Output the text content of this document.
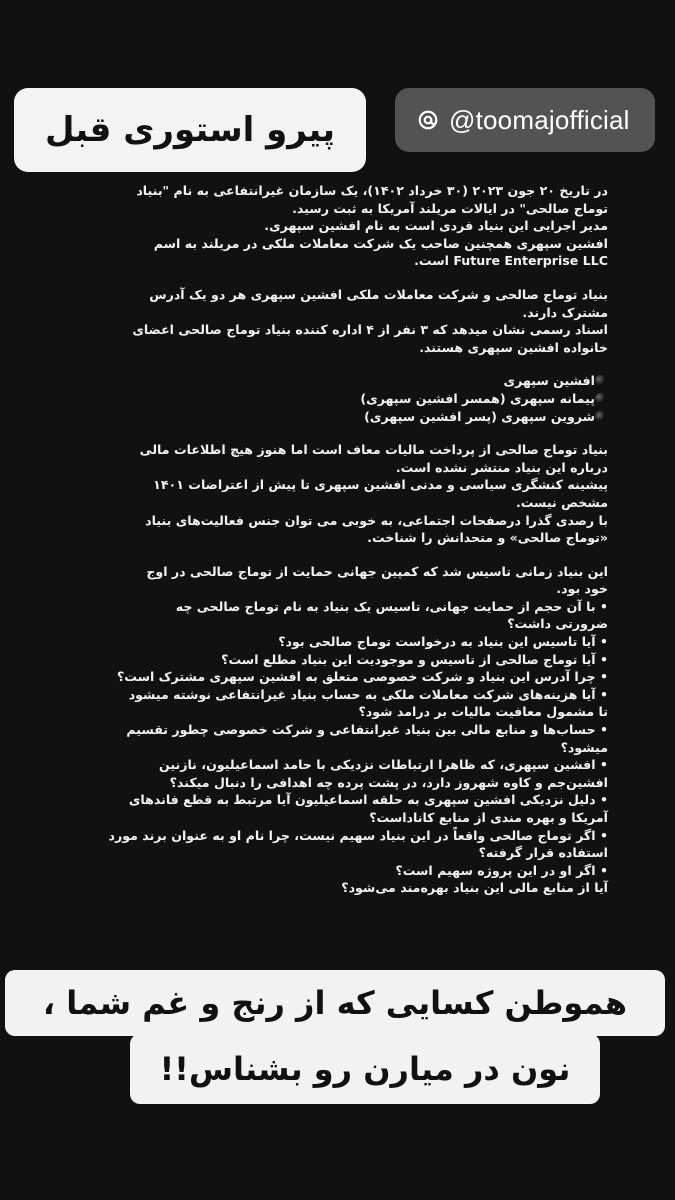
پیرو استوری قبل	@toomajofficial
در تاریخ ۲۰ جون ۲۰۲۳ (۳۰ خرداد ۱۴۰۲)، یک سازمان غیرانتفاعی به نام "بنیاد
توماج صالحی" در ایالات مریلند آمریکا به ثبت رسید.
مدیر اجرایی این بنیاد فردی است به نام افشین سپهری.
افشین سپهری همچنین صاحب یک شرکت معاملات ملکی در مریلند به اسم
Future Enterprise LLC است.
بنیاد توماج صالحی و شرکت معاملات ملکی افشین سپهری هر دو یک آدرس
مشترک دارند.
اسناد رسمی نشان میدهد که ۳ نفر از ۴ اداره کننده بنیاد توماج صالحی اعضای
خانواده افشین سپهری هستند.
افشین سپهری
پیمانه سپهری (همسر افشین سپهری)
شروین سپهری (پسر افشین سپهری)
بنیاد توماج صالحی از پرداخت مالیات معاف است اما هنوز هیچ اطلاعات مالی
درباره این بنیاد منتشر نشده است.
پیشینه کنشگری سیاسی و مدنی افشین سپهری تا پیش از اعتراضات ۱۴۰۱
مشخص نیست.
با رصدی گذرا درصفحات اجتماعی، به خوبی می توان جنس فعالیت‌های بنیاد
«توماج صالحی» و متحدانش را شناخت.
این بنیاد زمانی تاسیس شد که کمپین جهانی حمایت از توماج صالحی در اوج
خود بود.
• با آن حجم از حمایت جهانی، تاسیس یک بنیاد به نام توماج صالحی چه
ضرورتی داشت؟
• آیا تاسیس این بنیاد به درخواست توماج صالحی بود؟
• آیا توماج صالحی از تاسیس و موجودیت این بنیاد مطلع است؟
• چرا آدرس این بنیاد و شرکت خصوصی متعلق به افشین سپهری مشترک است؟
• آیا هزینه‌های شرکت معاملات ملکی به حساب بنیاد غیرانتفاعی نوشته میشود
تا مشمول معافیت مالیات بر درامد شود؟
• حساب‌ها و منابع مالی بین بنیاد غیرانتفاعی و شرکت خصوصی چطور تقسیم
میشود؟
• افشین سپهری، که ظاهرا ارتباطات نزدیکی با حامد اسماعیلیون، نازنین
افشین‌جم و کاوه شهروز دارد، در پشت پرده چه اهدافی را دنبال میکند؟
• دلیل نزدیکی افشین سپهری به حلقه اسماعیلیون آیا مرتبط به قطع فاندهای
آمریکا و بهره مندی از منابع کاناداست؟
• اگر توماج صالحی واقعاً در این بنیاد سهیم نیست، چرا نام او به عنوان برند مورد
استفاده قرار گرفته؟
• اگر او در این پروژه سهیم است؟
آیا از منابع مالی این بنیاد بهره‌مند می‌شود؟
هموطن کسایی که از رنج و غم شما ،
نون در میارن رو بشناس!!
